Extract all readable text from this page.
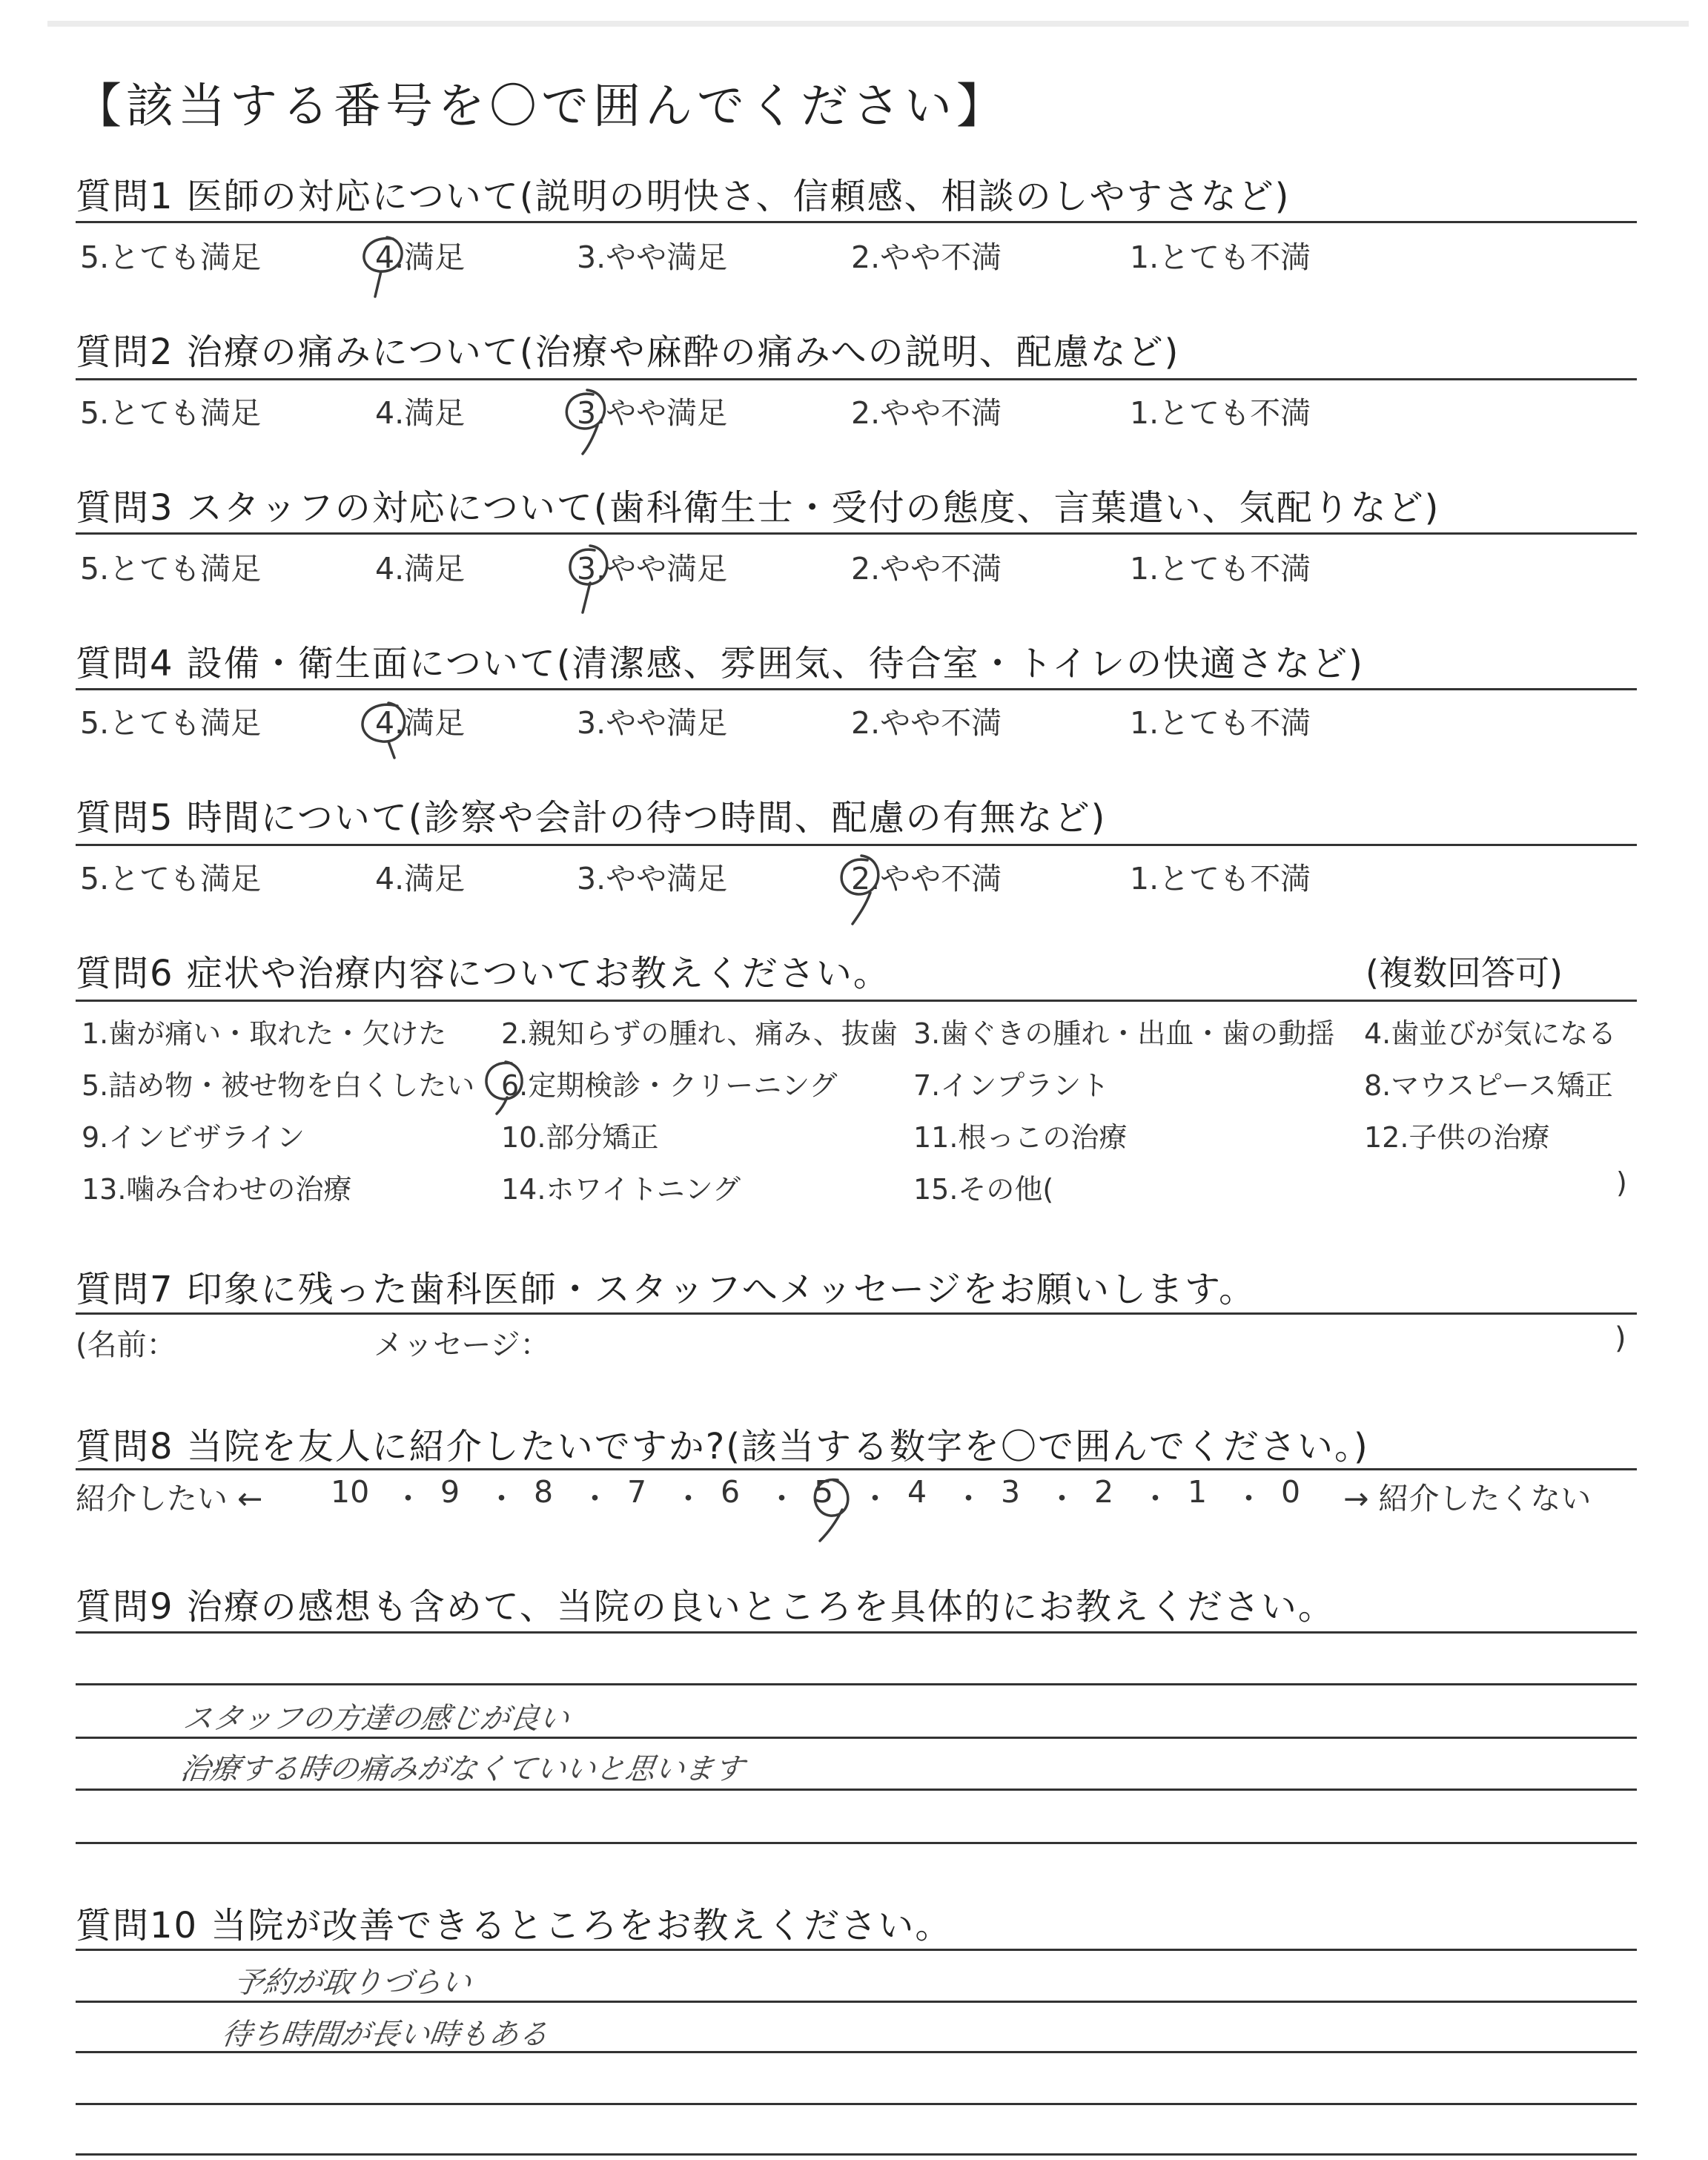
【該当する番号を〇で囲んでください】
質問1 医師の対応について(説明の明快さ、信頼感、相談のしやすさなど)
5.とても満足	4.満足	3.やや満足	2.やや不満	1.とても不満
質問2 治療の痛みについて(治療や麻酔の痛みへの説明、配慮など)
5.とても満足	4.満足	3.やや満足	2.やや不満	1.とても不満
質問3 スタッフの対応について(歯科衛生士・受付の態度、言葉遣い、気配りなど)
5.とても満足	4.満足	3.やや満足	2.やや不満	1.とても不満
質問4 設備・衛生面について(清潔感、雰囲気、待合室・トイレの快適さなど)
5.とても満足	4.満足	3.やや満足	2.やや不満	1.とても不満
質問5 時間について(診察や会計の待つ時間、配慮の有無など)
5.とても満足	4.満足	3.やや満足	2.やや不満	1.とても不満
質問6 症状や治療内容についてお教えください。	(複数回答可)
1.歯が痛い・取れた・欠けた 2.親知らずの腫れ、痛み、抜歯 3.歯ぐきの腫れ・出血・歯の動揺 4.歯並びが気になる
5.詰め物・被せ物を白くしたい 6.定期検診・クリーニング	7.インプラント	8.マウスピース矯正
9.インビザライン	10.部分矯正	11.根っこの治療	12.子供の治療
13.噛み合わせの治療	14.ホワイトニング	15.その他(	)
質問7 印象に残った歯科医師・スタッフへメッセージをお願いします。
(名前：	メッセージ：	)
質問8 当院を友人に紹介したいですか?(該当する数字を〇で囲んでください。)
紹介したい ← 10 ・ 9 ・ 8 ・ 7 ・ 6 ・ 5 ・ 4 ・ 3 ・ 2 ・ 1 ・ 0 → 紹介したくない
質問9 治療の感想も含めて、当院の良いところを具体的にお教えください。
スタッフの方達の感じが良い
治療する時の痛みがなくていいと思います
質問10 当院が改善できるところをお教えください。
予約が取りづらい
待ち時間が長い時もある
